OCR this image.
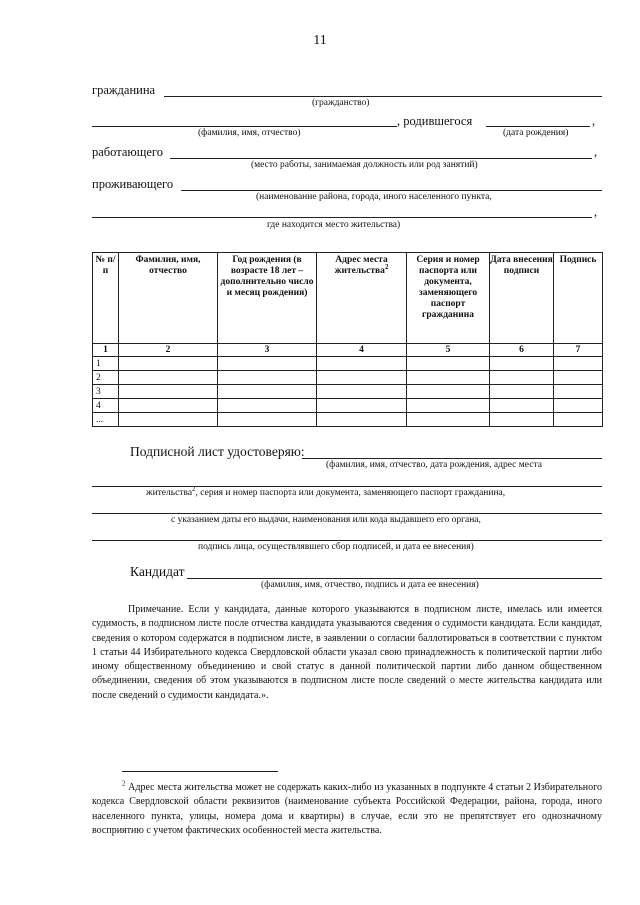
11
гражданина
(гражданство)
, родившегося	,
(фамилия, имя, отчество)	(дата рождения)
работающего	,
(место работы, занимаемая должность или род занятий)
проживающего
(наименование района, города, иного населенного пункта,
,
где находится место жительства)
№ п/п	Фамилия, имя, отчество	Год рождения (в возрасте 18 лет – дополнительно число и месяц рождения)	Адрес места жительства$^2$	Серия и номер паспорта или документа, заменяющего паспорт гражданина	Дата внесения подписи	Подпись
1	2	3	4	5	6	7
1						
2						
3						
4						
...						
Подписной лист удостоверяю:
(фамилия, имя, отчество, дата рождения, адрес места
жительства$^2$, серия и номер паспорта или документа, заменяющего паспорт гражданина,
с указанием даты его выдачи, наименования или кода выдавшего его органа,
подпись лица, осуществлявшего сбор подписей, и дата ее внесения)
Кандидат
(фамилия, имя, отчество, подпись и дата ее внесения)
Примечание. Если у кандидата, данные которого указываются в подписном листе, имелась или имеется судимость, в подписном листе после отчества кандидата указываются сведения о судимости кандидата. Если кандидат, сведения о котором содержатся в подписном листе, в заявлении о согласии баллотироваться в соответствии с пунктом 1 статьи 44 Избирательного кодекса Свердловской области указал свою принадлежность к политической партии либо иному общественному объединению и свой статус в данной политической партии либо данном общественном объединении, сведения об этом указываются в подписном листе после сведений о месте жительства кандидата или после сведений о судимости кандидата.».
$^2$ Адрес места жительства может не содержать каких-либо из указанных в подпункте 4 статьи 2 Избирательного кодекса Свердловской области реквизитов (наименование субъекта Российской Федерации, района, города, иного населенного пункта, улицы, номера дома и квартиры) в случае, если это не препятствует его однозначному восприятию с учетом фактических особенностей места жительства.
